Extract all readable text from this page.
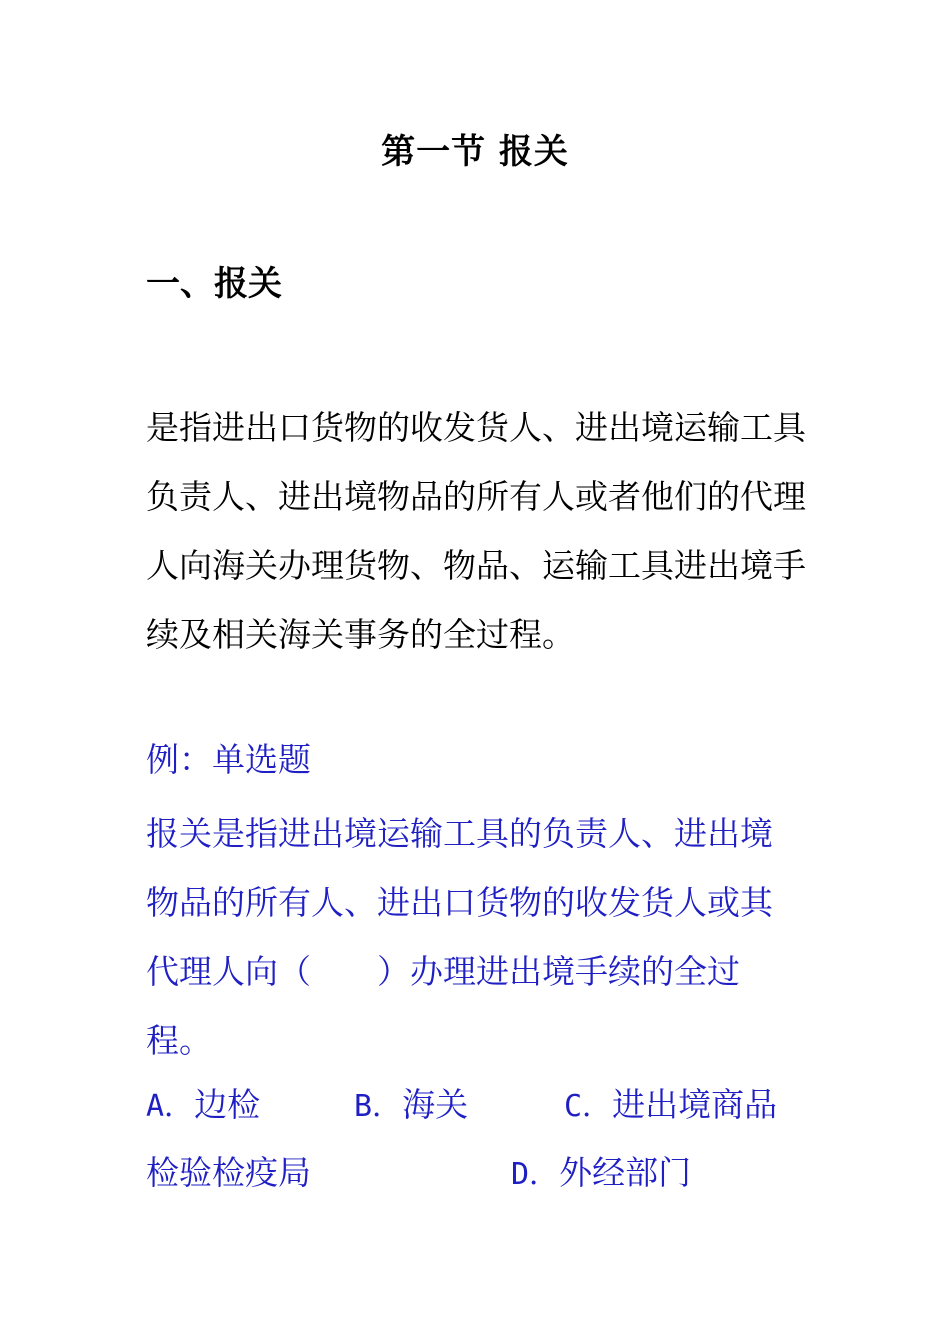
第一节 报关
一、报关

是指进出口货物的收发货人、进出境运输工具负责人、进出境物品的所有人或者他们的代理人向海关办理货物、物品、运输工具进出境手续及相关海关事务的全过程。

例：单选题
报关是指进出境运输工具的负责人、进出境物品的所有人、进出口货物的收发货人或其代理人向（　　）办理进出境手续的全过程。
A．边检	B．海关	C．进出境商品
检验检疫局	D．外经部门
